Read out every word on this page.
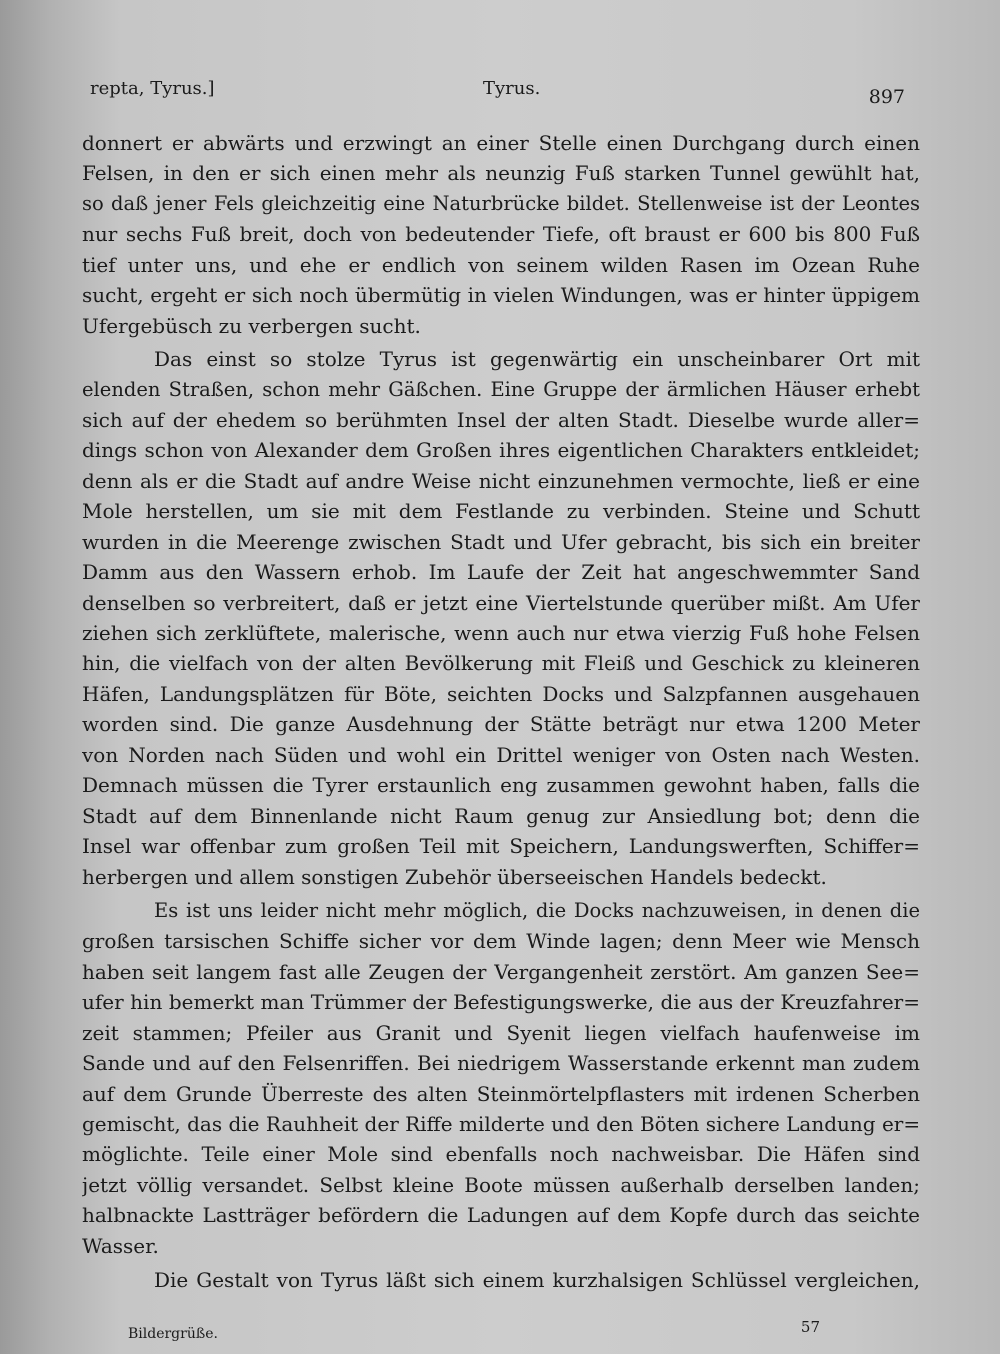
repta, Tyrus.]	Tyrus.	897
donnert er abwärts und erzwingt an einer Stelle einen Durchgang durch einen
Felsen, in den er sich einen mehr als neunzig Fuß starken Tunnel gewühlt hat,
so daß jener Fels gleichzeitig eine Naturbrücke bildet. Stellenweise ist der Leontes
nur sechs Fuß breit, doch von bedeutender Tiefe, oft braust er 600 bis 800 Fuß
tief unter uns, und ehe er endlich von seinem wilden Rasen im Ozean Ruhe
sucht, ergeht er sich noch übermütig in vielen Windungen, was er hinter üppigem
Ufergebüsch zu verbergen sucht.
Das einst so stolze Tyrus ist gegenwärtig ein unscheinbarer Ort mit
elenden Straßen, schon mehr Gäßchen. Eine Gruppe der ärmlichen Häuser erhebt
sich auf der ehedem so berühmten Insel der alten Stadt. Dieselbe wurde aller=
dings schon von Alexander dem Großen ihres eigentlichen Charakters entkleidet;
denn als er die Stadt auf andre Weise nicht einzunehmen vermochte, ließ er eine
Mole herstellen, um sie mit dem Festlande zu verbinden. Steine und Schutt
wurden in die Meerenge zwischen Stadt und Ufer gebracht, bis sich ein breiter
Damm aus den Wassern erhob. Im Laufe der Zeit hat angeschwemmter Sand
denselben so verbreitert, daß er jetzt eine Viertelstunde querüber mißt. Am Ufer
ziehen sich zerklüftete, malerische, wenn auch nur etwa vierzig Fuß hohe Felsen
hin, die vielfach von der alten Bevölkerung mit Fleiß und Geschick zu kleineren
Häfen, Landungsplätzen für Böte, seichten Docks und Salzpfannen ausgehauen
worden sind. Die ganze Ausdehnung der Stätte beträgt nur etwa 1200 Meter
von Norden nach Süden und wohl ein Drittel weniger von Osten nach Westen.
Demnach müssen die Tyrer erstaunlich eng zusammen gewohnt haben, falls die
Stadt auf dem Binnenlande nicht Raum genug zur Ansiedlung bot; denn die
Insel war offenbar zum großen Teil mit Speichern, Landungswerften, Schiffer=
herbergen und allem sonstigen Zubehör überseeischen Handels bedeckt.
Es ist uns leider nicht mehr möglich, die Docks nachzuweisen, in denen die
großen tarsischen Schiffe sicher vor dem Winde lagen; denn Meer wie Mensch
haben seit langem fast alle Zeugen der Vergangenheit zerstört. Am ganzen See=
ufer hin bemerkt man Trümmer der Befestigungswerke, die aus der Kreuzfahrer=
zeit stammen; Pfeiler aus Granit und Syenit liegen vielfach haufenweise im
Sande und auf den Felsenriffen. Bei niedrigem Wasserstande erkennt man zudem
auf dem Grunde Überreste des alten Steinmörtelpflasters mit irdenen Scherben
gemischt, das die Rauhheit der Riffe milderte und den Böten sichere Landung er=
möglichte. Teile einer Mole sind ebenfalls noch nachweisbar. Die Häfen sind
jetzt völlig versandet. Selbst kleine Boote müssen außerhalb derselben landen;
halbnackte Lastträger befördern die Ladungen auf dem Kopfe durch das seichte
Wasser.
Die Gestalt von Tyrus läßt sich einem kurzhalsigen Schlüssel vergleichen,
Bildergrüße.	57
